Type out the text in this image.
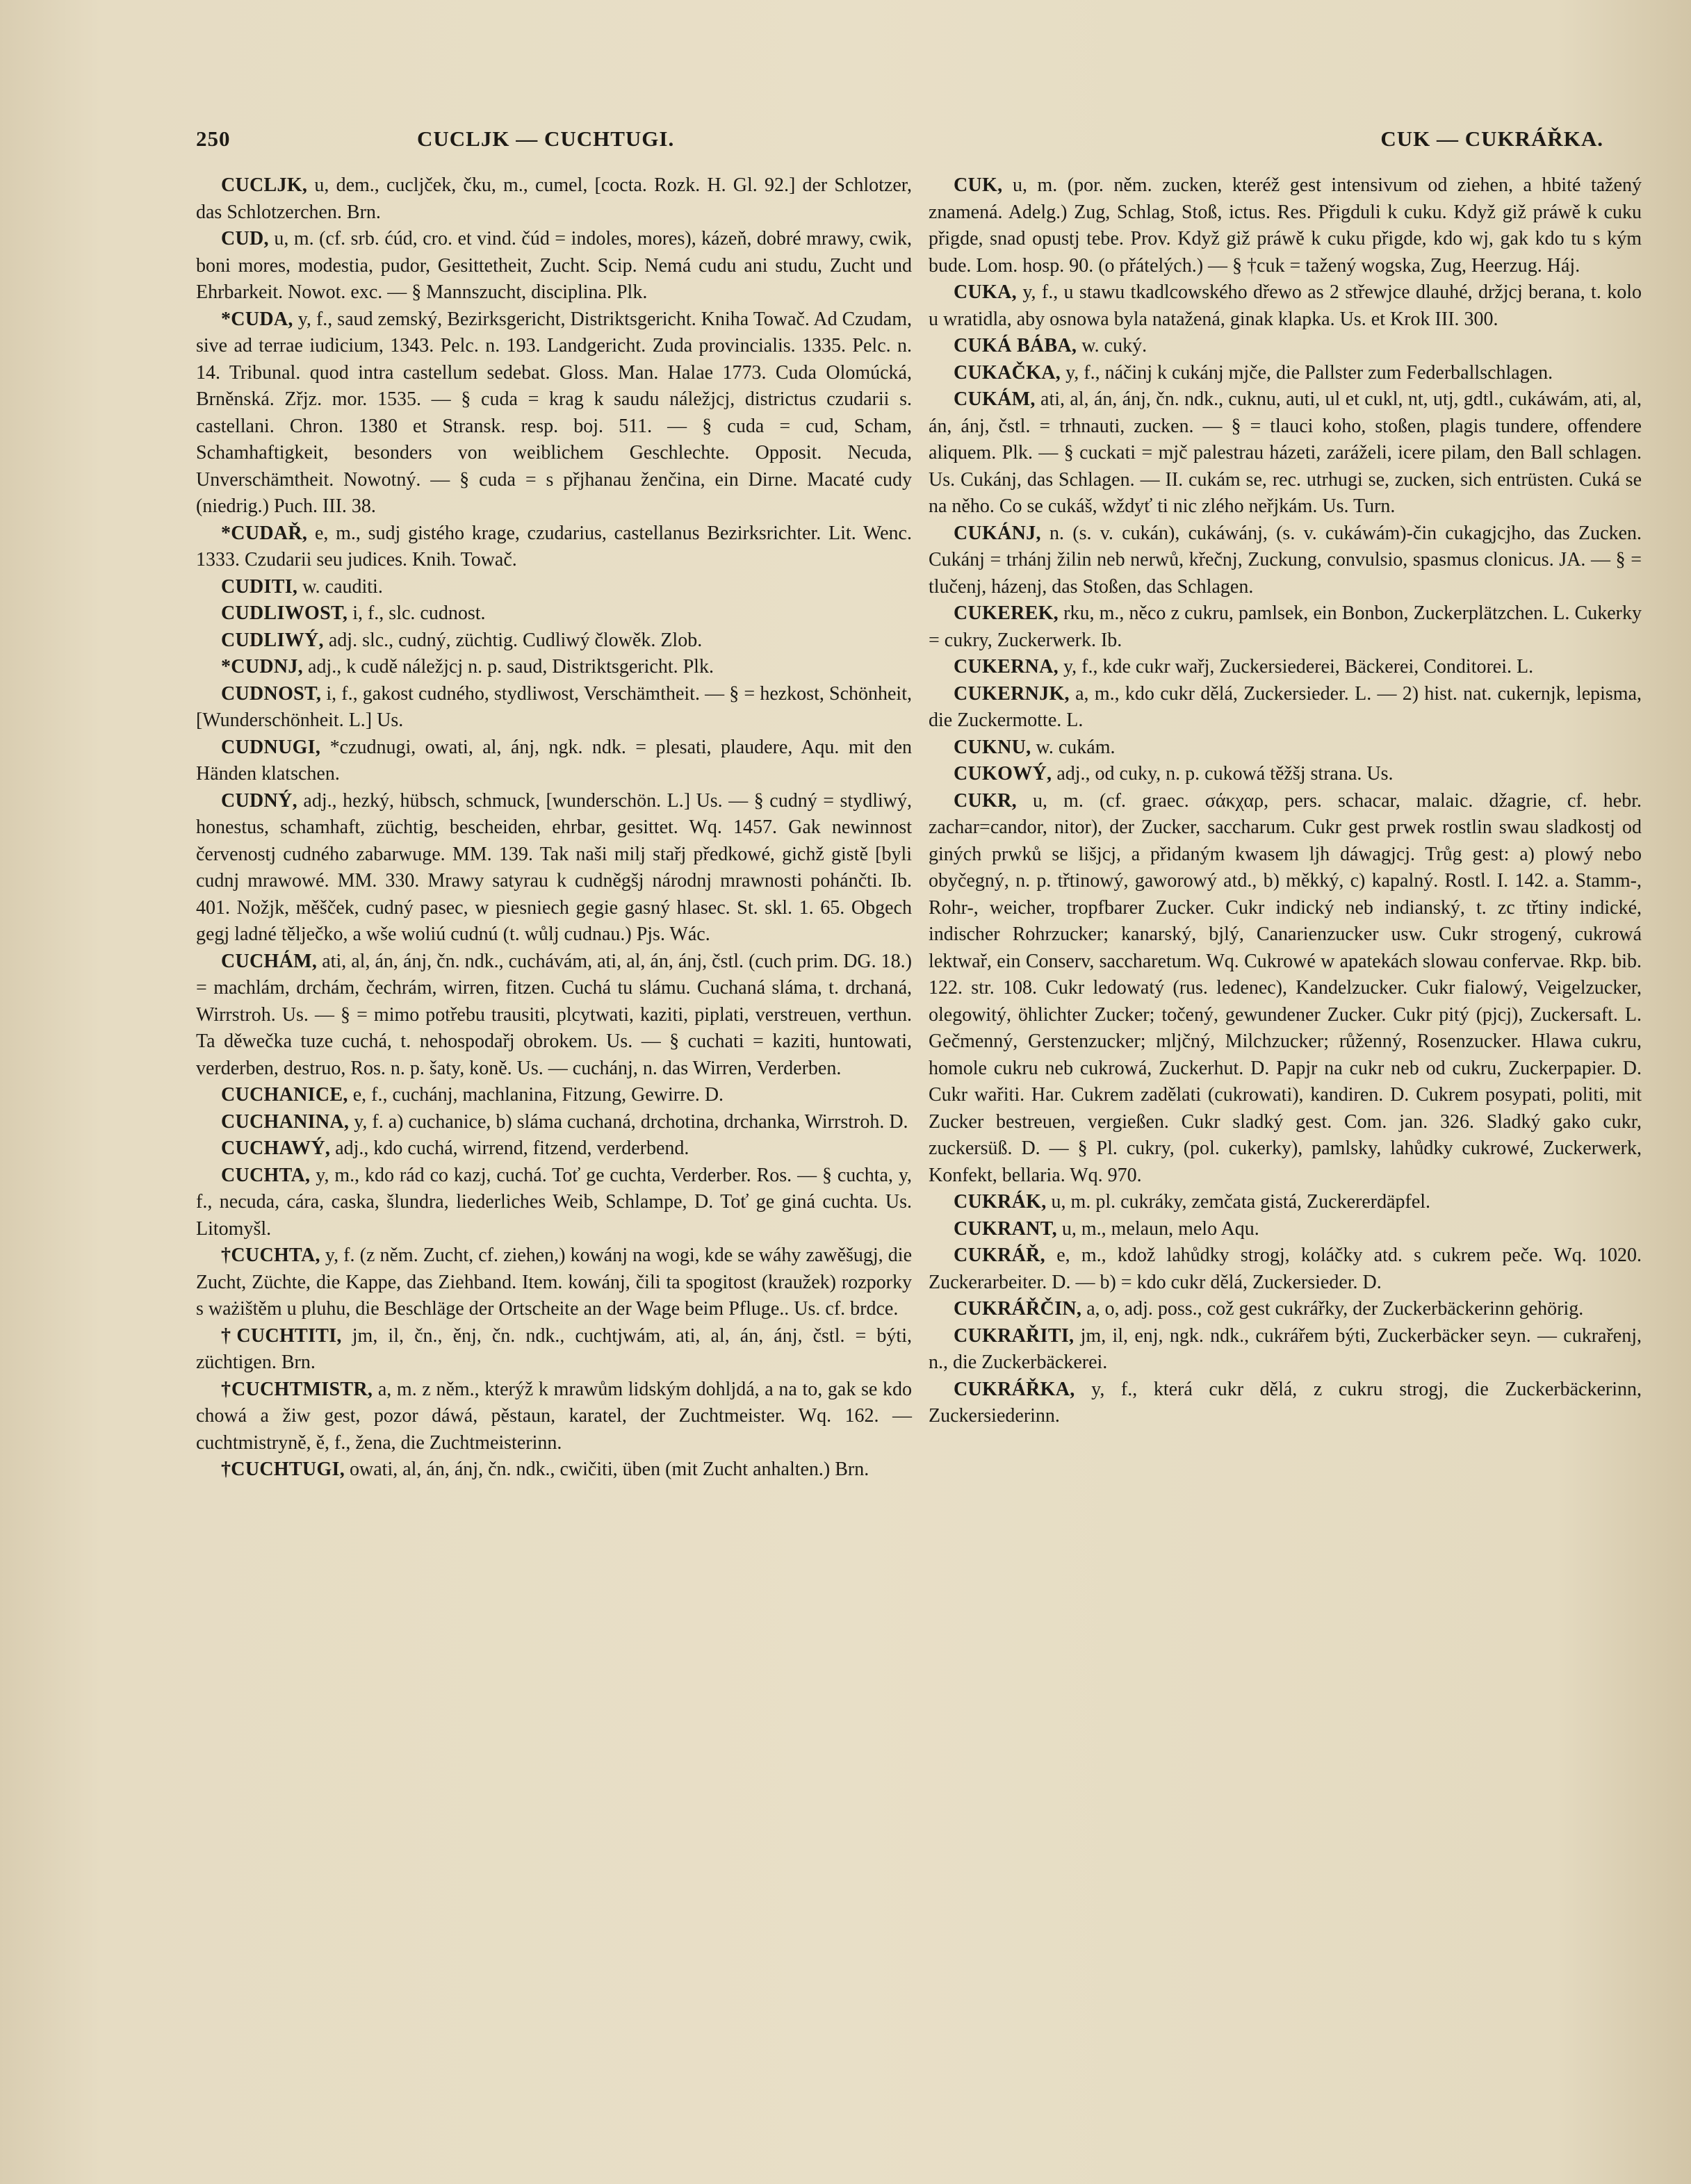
250	CUCLJK — CUCHTUGI.	CUK — CUKRÁŘKA.

CUCLJK, u, dem., cucljček, čku, m., cumel, [cocta. Rozk. H. Gl. 92.] der Schlotzer, das Schlotzerchen. Brn.

CUD, u, m. (cf. srb. ćúd, cro. et vind. čúd = indoles, mores), kázeň, dobré mrawy, cwik, boni mores, modestia, pudor, Gesittetheit, Zucht. Scip. Nemá cudu ani studu, Zucht und Ehrbarkeit. Nowot. exc. — § Mannszucht, disciplina. Plk.

*CUDA, y, f., saud zemský, Bezirksgericht, Distriktsgericht. Kniha Towač. Ad Czudam, sive ad terrae iudicium, 1343. Pelc. n. 193. Landgericht. Zuda provincialis. 1335. Pelc. n. 14. Tribunal. quod intra castellum sedebat. Gloss. Man. Halae 1773. Cuda Olomúcká, Brněnská. Zřjz. mor. 1535. — § cuda = krag k saudu náležjcj, districtus czudarii s. castellani. Chron. 1380 et Stransk. resp. boj. 511. — § cuda = cud, Scham, Schamhaftigkeit, besonders von weiblichem Geschlechte. Opposit. Necuda, Unverschämtheit. Nowotný. — § cuda = s přjhanau ženčina, ein Dirne. Macaté cudy (niedrig.) Puch. III. 38.

*CUDAŘ, e, m., sudj gistého krage, czudarius, castellanus Bezirksrichter. Lit. Wenc. 1333. Czudarii seu judices. Knih. Towač.

CUDITI, w. cauditi.

CUDLIWOST, i, f., slc. cudnost.

CUDLIWÝ, adj. slc., cudný, züchtig. Cudliwý člowěk. Zlob.

*CUDNJ, adj., k cudě náležjcj n. p. saud, Distriktsgericht. Plk.

CUDNOST, i, f., gakost cudného, stydliwost, Verschämtheit. — § = hezkost, Schönheit, [Wunderschönheit. L.] Us.

CUDNUGI, *czudnugi, owati, al, ánj, ngk. ndk. = plesati, plaudere, Aqu. mit den Händen klatschen.

CUDNÝ, adj., hezký, hübsch, schmuck, [wunderschön. L.] Us. — § cudný = stydliwý, honestus, schamhaft, züchtig, bescheiden, ehrbar, gesittet. Wq. 1457. Gak newinnost červenostj cudného zabarwuge. MM. 139. Tak naši milj stařj předkowé, gichž gistě [byli cudnj mrawowé. MM. 330. Mrawy satyrau k cudněgšj národnj mrawnosti pohánčti. Ib. 401. Nožjk, měšček, cudný pasec, w piesniech gegie gasný hlasec. St. skl. 1. 65. Obgech gegj ladné tělječko, a wše woliú cudnú (t. wůlj cudnau.) Pjs. Wác.

CUCHÁM, ati, al, án, ánj, čn. ndk., cuchávám, ati, al, án, ánj, čstl. (cuch prim. DG. 18.) = machlám, drchám, čechrám, wirren, fitzen. Cuchá tu slámu. Cuchaná sláma, t. drchaná, Wirrstroh. Us. — § = mimo potřebu trausiti, plcytwati, kaziti, piplati, verstreuen, verthun. Ta děwečka tuze cuchá, t. nehospodařj obrokem. Us. — § cuchati = kaziti, huntowati, verderben, destruo, Ros. n. p. šaty, koně. Us. — cuchánj, n. das Wirren, Verderben.

CUCHANICE, e, f., cuchánj, machlanina, Fitzung, Gewirre. D.

CUCHANINA, y, f. a) cuchanice, b) sláma cuchaná, drchotina, drchanka, Wirrstroh. D.

CUCHAWÝ, adj., kdo cuchá, wirrend, fitzend, verderbend.

CUCHTA, y, m., kdo rád co kazj, cuchá. Toť ge cuchta, Verderber. Ros. — § cuchta, y, f., necuda, cára, caska, šlundra, liederliches Weib, Schlampe, D. Toť ge giná cuchta. Us. Litomyšl.

†CUCHTA, y, f. (z něm. Zucht, cf. ziehen,) kowánj na wogi, kde se wáhy zawěšugj, die Zucht, Züchte, die Kappe, das Ziehband. Item. kowánj, čili ta spogitost (kraužek) rozporky s ważištěm u pluhu, die Beschläge der Ortscheite an der Wage beim Pfluge.. Us. cf. brdce.

†CUCHTITI, jm, il, čn., ěnj, čn. ndk., cuchtjwám, ati, al, án, ánj, čstl. = býti, züchtigen. Brn.

†CUCHTMISTR, a, m. z něm., kterýž k mrawům lidským dohljdá, a na to, gak se kdo chowá a žiw gest, pozor dáwá, pěstaun, karatel, der Zuchtmeister. Wq. 162. — cuchtmistryně, ě, f., žena, die Zuchtmeisterinn.

†CUCHTUGI, owati, al, án, ánj, čn. ndk., cwičiti, üben (mit Zucht anhalten.) Brn.

CUK, u, m. (por. něm. zucken, kteréž gest intensivum od ziehen, a hbité tažený znamená. Adelg.) Zug, Schlag, Stoß, ictus. Res. Přigduli k cuku. Když giž práwě k cuku přigde, snad opustj tebe. Prov. Když giž práwě k cuku přigde, kdo wj, gak kdo tu s kým bude. Lom. hosp. 90. (o přátelých.) — § †cuk = tažený wogska, Zug, Heerzug. Háj.

CUKA, y, f., u stawu tkadlcowského dřewo as 2 střewjce dlauhé, držjcj berana, t. kolo u wratidla, aby osnowa byla natažená, ginak klapka. Us. et Krok III. 300.

CUKÁ BÁBA, w. cuký.

CUKAČKA, y, f., náčinj k cukánj mjče, die Pallster zum Federballschlagen.

CUKÁM, ati, al, án, ánj, čn. ndk., cuknu, auti, ul et cukl, nt, utj, gdtl., cukáwám, ati, al, án, ánj, čstl. = trhnauti, zucken. — § = tlauci koho, stoßen, plagis tundere, offendere aliquem. Plk. — § cuckati = mjč palestrau házeti, zaráželi, icere pilam, den Ball schlagen. Us. Cukánj, das Schlagen. — II. cukám se, rec. utrhugi se, zucken, sich entrüsten. Cuká se na něho. Co se cukáš, wždyť ti nic zlého neřjkám. Us. Turn.

CUKÁNJ, n. (s. v. cukán), cukáwánj, (s. v. cukáwám)-čin cukagjcjho, das Zucken. Cukánj = trhánj žilin neb nerwů, křečnj, Zuckung, convulsio, spasmus clonicus. JA. — § = tlučenj, házenj, das Stoßen, das Schlagen.

CUKEREK, rku, m., něco z cukru, pamlsek, ein Bonbon, Zuckerplätzchen. L. Cukerky = cukry, Zuckerwerk. Ib.

CUKERNA, y, f., kde cukr wařj, Zuckersiederei, Bäckerei, Conditorei. L.

CUKERNJK, a, m., kdo cukr dělá, Zuckersieder. L. — 2) hist. nat. cukernjk, lepisma, die Zuckermotte. L.

CUKNU, w. cukám.

CUKOWÝ, adj., od cuky, n. p. cukowá těžšj strana. Us.

CUKR, u, m. (cf. graec. σάκχαρ, pers. schacar, malaic. džagrie, cf. hebr. zachar=candor, nitor), der Zucker, saccharum. Cukr gest prwek rostlin swau sladkostj od giných prwků se lišjcj, a přidaným kwasem ljh dáwagjcj. Trůg gest: a) plowý nebo obyčegný, n. p. třtinowý, gaworowý atd., b) měkký, c) kapalný. Rostl. I. 142. a. Stamm-, Rohr-, weicher, tropfbarer Zucker. Cukr indický neb indianský, t. zc třtiny indické, indischer Rohrzucker; kanarský, bjlý, Canarienzucker usw. Cukr strogený, cukrowá lektwař, ein Conserv, saccharetum. Wq. Cukrowé w apatekách slowau confervae. Rkp. bib. 122. str. 108. Cukr ledowatý (rus. ledenec), Kandelzucker. Cukr fialowý, Veigelzucker, olegowitý, öhlichter Zucker; točený, gewundener Zucker. Cukr pitý (pjcj), Zuckersaft. L. Gečmenný, Gerstenzucker; mljčný, Milchzucker; růženný, Rosenzucker. Hlawa cukru, homole cukru neb cukrowá, Zuckerhut. D. Papjr na cukr neb od cukru, Zuckerpapier. D. Cukr wařiti. Har. Cukrem zadělati (cukrowati), kandiren. D. Cukrem posypati, politi, mit Zucker bestreuen, vergießen. Cukr sladký gest. Com. jan. 326. Sladký gako cukr, zuckersüß. D. — § Pl. cukry, (pol. cukerky), pamlsky, lahůdky cukrowé, Zuckerwerk, Konfekt, bellaria. Wq. 970.

CUKRÁK, u, m. pl. cukráky, zemčata gistá, Zuckererdäpfel.

CUKRANT, u, m., melaun, melo Aqu.

CUKRÁŘ, e, m., kdož lahůdky strogj, koláčky atd. s cukrem peče. Wq. 1020. Zuckerarbeiter. D. — b) = kdo cukr dělá, Zuckersieder. D.

CUKRÁŘČIN, a, o, adj. poss., což gest cukrářky, der Zuckerbäckerinn gehörig.

CUKRAŘITI, jm, il, enj, ngk. ndk., cukrářem býti, Zuckerbäcker seyn. — cukrařenj, n., die Zuckerbäckerei.

CUKRÁŘKA, y, f., která cukr dělá, z cukru strogj, die Zuckerbäckerinn, Zuckersiederinn.
